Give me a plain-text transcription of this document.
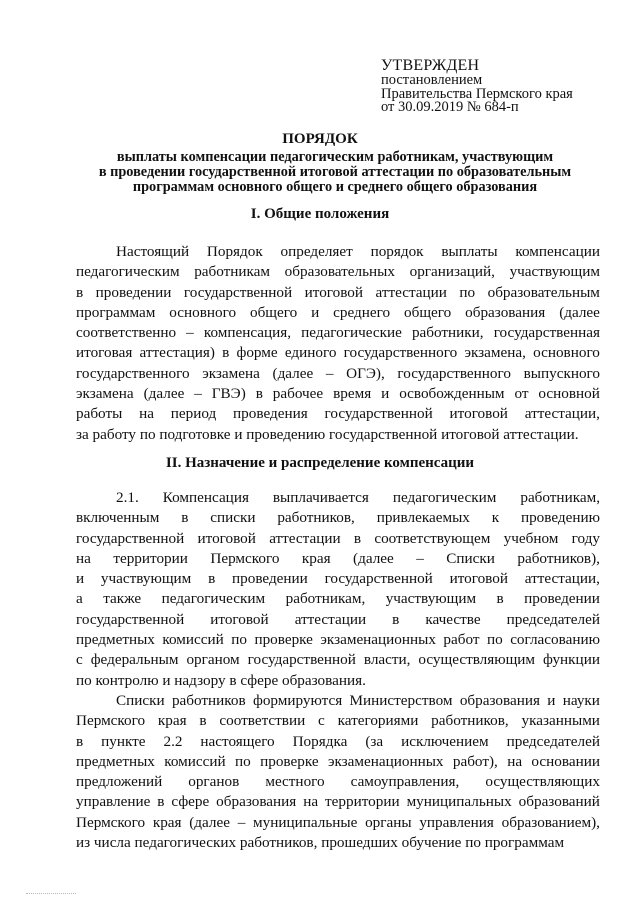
УТВЕРЖДЕН
постановлением
Правительства Пермского края
от 30.09.2019 № 684-п
ПОРЯДОК
выплаты компенсации педагогическим работникам, участвующим
в проведении государственной итоговой аттестации по образовательным
программам основного общего и среднего общего образования
I. Общие положения
Настоящий Порядок определяет порядок выплаты компенсации
педагогическим работникам образовательных организаций, участвующим
в проведении государственной итоговой аттестации по образовательным
программам основного общего и среднего общего образования (далее
соответственно – компенсация, педагогические работники, государственная
итоговая аттестация) в форме единого государственного экзамена, основного
государственного экзамена (далее – ОГЭ), государственного выпускного
экзамена (далее – ГВЭ) в рабочее время и освобожденным от основной
работы на период проведения государственной итоговой аттестации,
за работу по подготовке и проведению государственной итоговой аттестации.
II. Назначение и распределение компенсации
2.1. Компенсация выплачивается педагогическим работникам,
включенным в списки работников, привлекаемых к проведению
государственной итоговой аттестации в соответствующем учебном году
на территории Пермского края (далее – Списки работников),
и участвующим в проведении государственной итоговой аттестации,
а также педагогическим работникам, участвующим в проведении
государственной итоговой аттестации в качестве председателей
предметных комиссий по проверке экзаменационных работ по согласованию
с федеральным органом государственной власти, осуществляющим функции
по контролю и надзору в сфере образования.
Списки работников формируются Министерством образования и науки
Пермского края в соответствии с категориями работников, указанными
в пункте 2.2 настоящего Порядка (за исключением председателей
предметных комиссий по проверке экзаменационных работ), на основании
предложений органов местного самоуправления, осуществляющих
управление в сфере образования на территории муниципальных образований
Пермского края (далее – муниципальные органы управления образованием),
из числа педагогических работников, прошедших обучение по программам
